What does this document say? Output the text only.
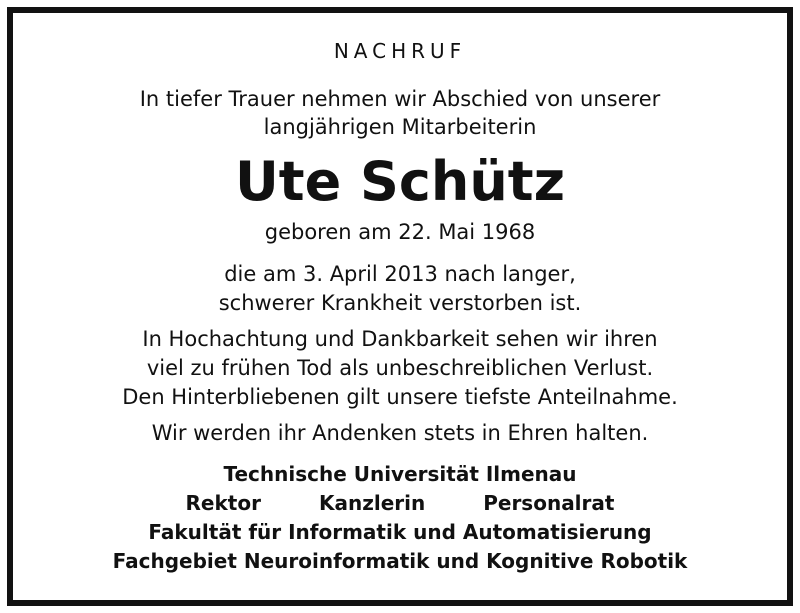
NACHRUF
In tiefer Trauer nehmen wir Abschied von unserer
langjährigen Mitarbeiterin
Ute Schütz
geboren am 22. Mai 1968
die am 3. April 2013 nach langer,
schwerer Krankheit verstorben ist.
In Hochachtung und Dankbarkeit sehen wir ihren
viel zu frühen Tod als unbeschreiblichen Verlust.
Den Hinterbliebenen gilt unsere tiefste Anteilnahme.
Wir werden ihr Andenken stets in Ehren halten.
Technische Universität Ilmenau
Rektor	Kanzlerin	Personalrat
Fakultät für Informatik und Automatisierung
Fachgebiet Neuroinformatik und Kognitive Robotik
